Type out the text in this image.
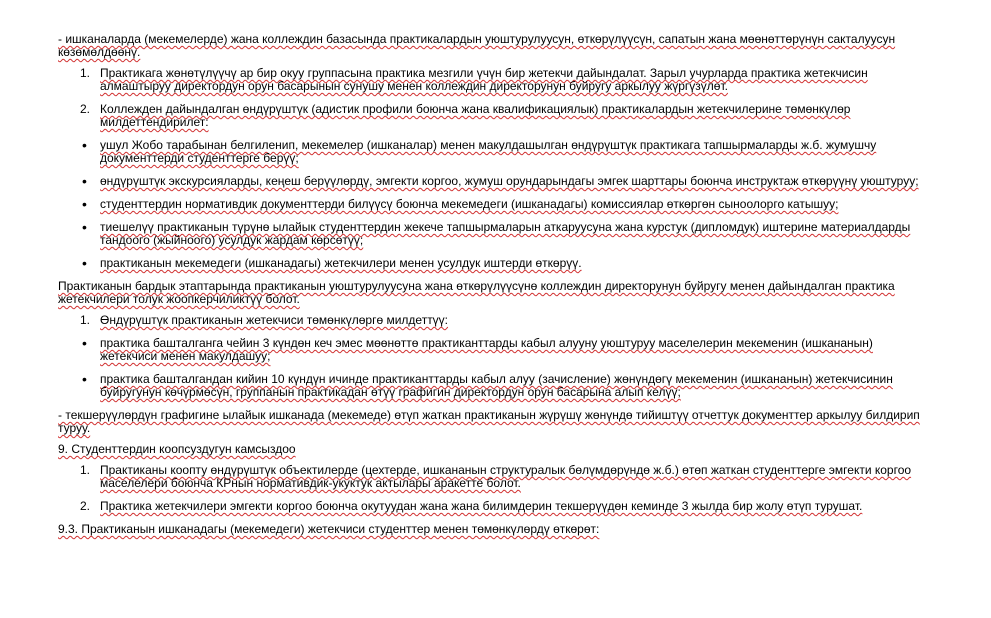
- ишканаларда (мекемелерде) жана коллеждин базасында практикалардын уюштурулуусун, өткөрүлүүсүн, сапатын жана мөөнөттөрүнүн сакталуусун көзөмөлдөөнү.

1. Практикага жөнөтүлүүчү ар бир окуу группасына практика мезгили үчүн бир жетекчи дайындалат. Зарыл учурларда практика жетекчисин алмаштыруу директордун орун басарынын сунушу менен коллеждин директорунун буйругу аркылуу жүргүзүлөт.
2. Коллежден дайындалган өндүрүштүк (адистик профили боюнча жана квалификациялык) практикалардын жетекчилерине төмөнкүлөр милдеттендирилет:
•	ушул Жобо тарабынан белгиленип, мекемелер (ишканалар) менен макулдашылган өндүрүштүк практикага тапшырмаларды ж.б. жумушчу документтерди студенттерге берүү;
•	өндүрүштүк экскурсияларды, кеңеш берүүлөрдү, эмгекти коргоо, жумуш орундарындагы эмгек шарттары боюнча инструктаж өткөрүүнү уюштуруу;
•	студенттердин нормативдик документтерди билүүсү боюнча мекемедеги (ишканадагы) комиссиялар өткөргөн сыноолорго катышуу;
•	тиешелүү практиканын түрүнө ылайык студенттердин жекече тапшырмаларын аткаруусуна жана курстук (дипломдук) иштерине материалдарды тандоого (жыйноого) усулдук жардам көрсөтүү;
•	практиканын мекемедеги (ишканадагы) жетекчилери менен усулдук иштерди өткөрүү.

Практиканын бардык этаптарында практиканын уюштурулуусуна жана өткөрүлүүсүнө коллеждин директорунун буйругу менен дайындалган практика жетекчилери толук жоопкерчиликтүү болот.

1. Өндүрүштүк практиканын жетекчиси төмөнкүлөргө милдеттүү:
•	практика башталганга чейин 3 күндөн кеч эмес мөөнөттө практиканттарды кабыл алууну уюштуруу маселелерин мекеменин (ишкананын) жетекчиси менен макулдашуу;
•	практика башталгандан кийин 10 күндүн ичинде практиканттарды кабыл алуу (зачисление) жөнүндөгү мекеменин (ишкананын) жетекчисинин буйругунун көчүрмөсүн, группанын практикадан өтүү графигин директордун орун басарына алып келүү;

- текшерүүлөрдүн графигине ылайык ишканада (мекемеде) өтүп жаткан практиканын жүрүшү жөнүндө тийиштүү отчеттук документтер аркылуу билдирип туруу.

9. Студенттердин коопсуздугун камсыздоо

1. Практиканы коопту өндүрүштүк объектилерде (цехтерде, ишкананын структуралык бөлүмдөрүндө ж.б.) өтөп жаткан студенттерге эмгекти коргоо маселелери боюнча КРнын нормативдик-укуктук актылары аракетте болот.
2. Практика жетекчилери эмгекти коргоо боюнча окутуудан жана жана билимдерин текшерүүдөн кеминде 3 жылда бир жолу өтүп турушат.

9.3. Практиканын ишканадагы (мекемедеги) жетекчиси студенттер менен төмөнкүлөрдү өткөрөт:
